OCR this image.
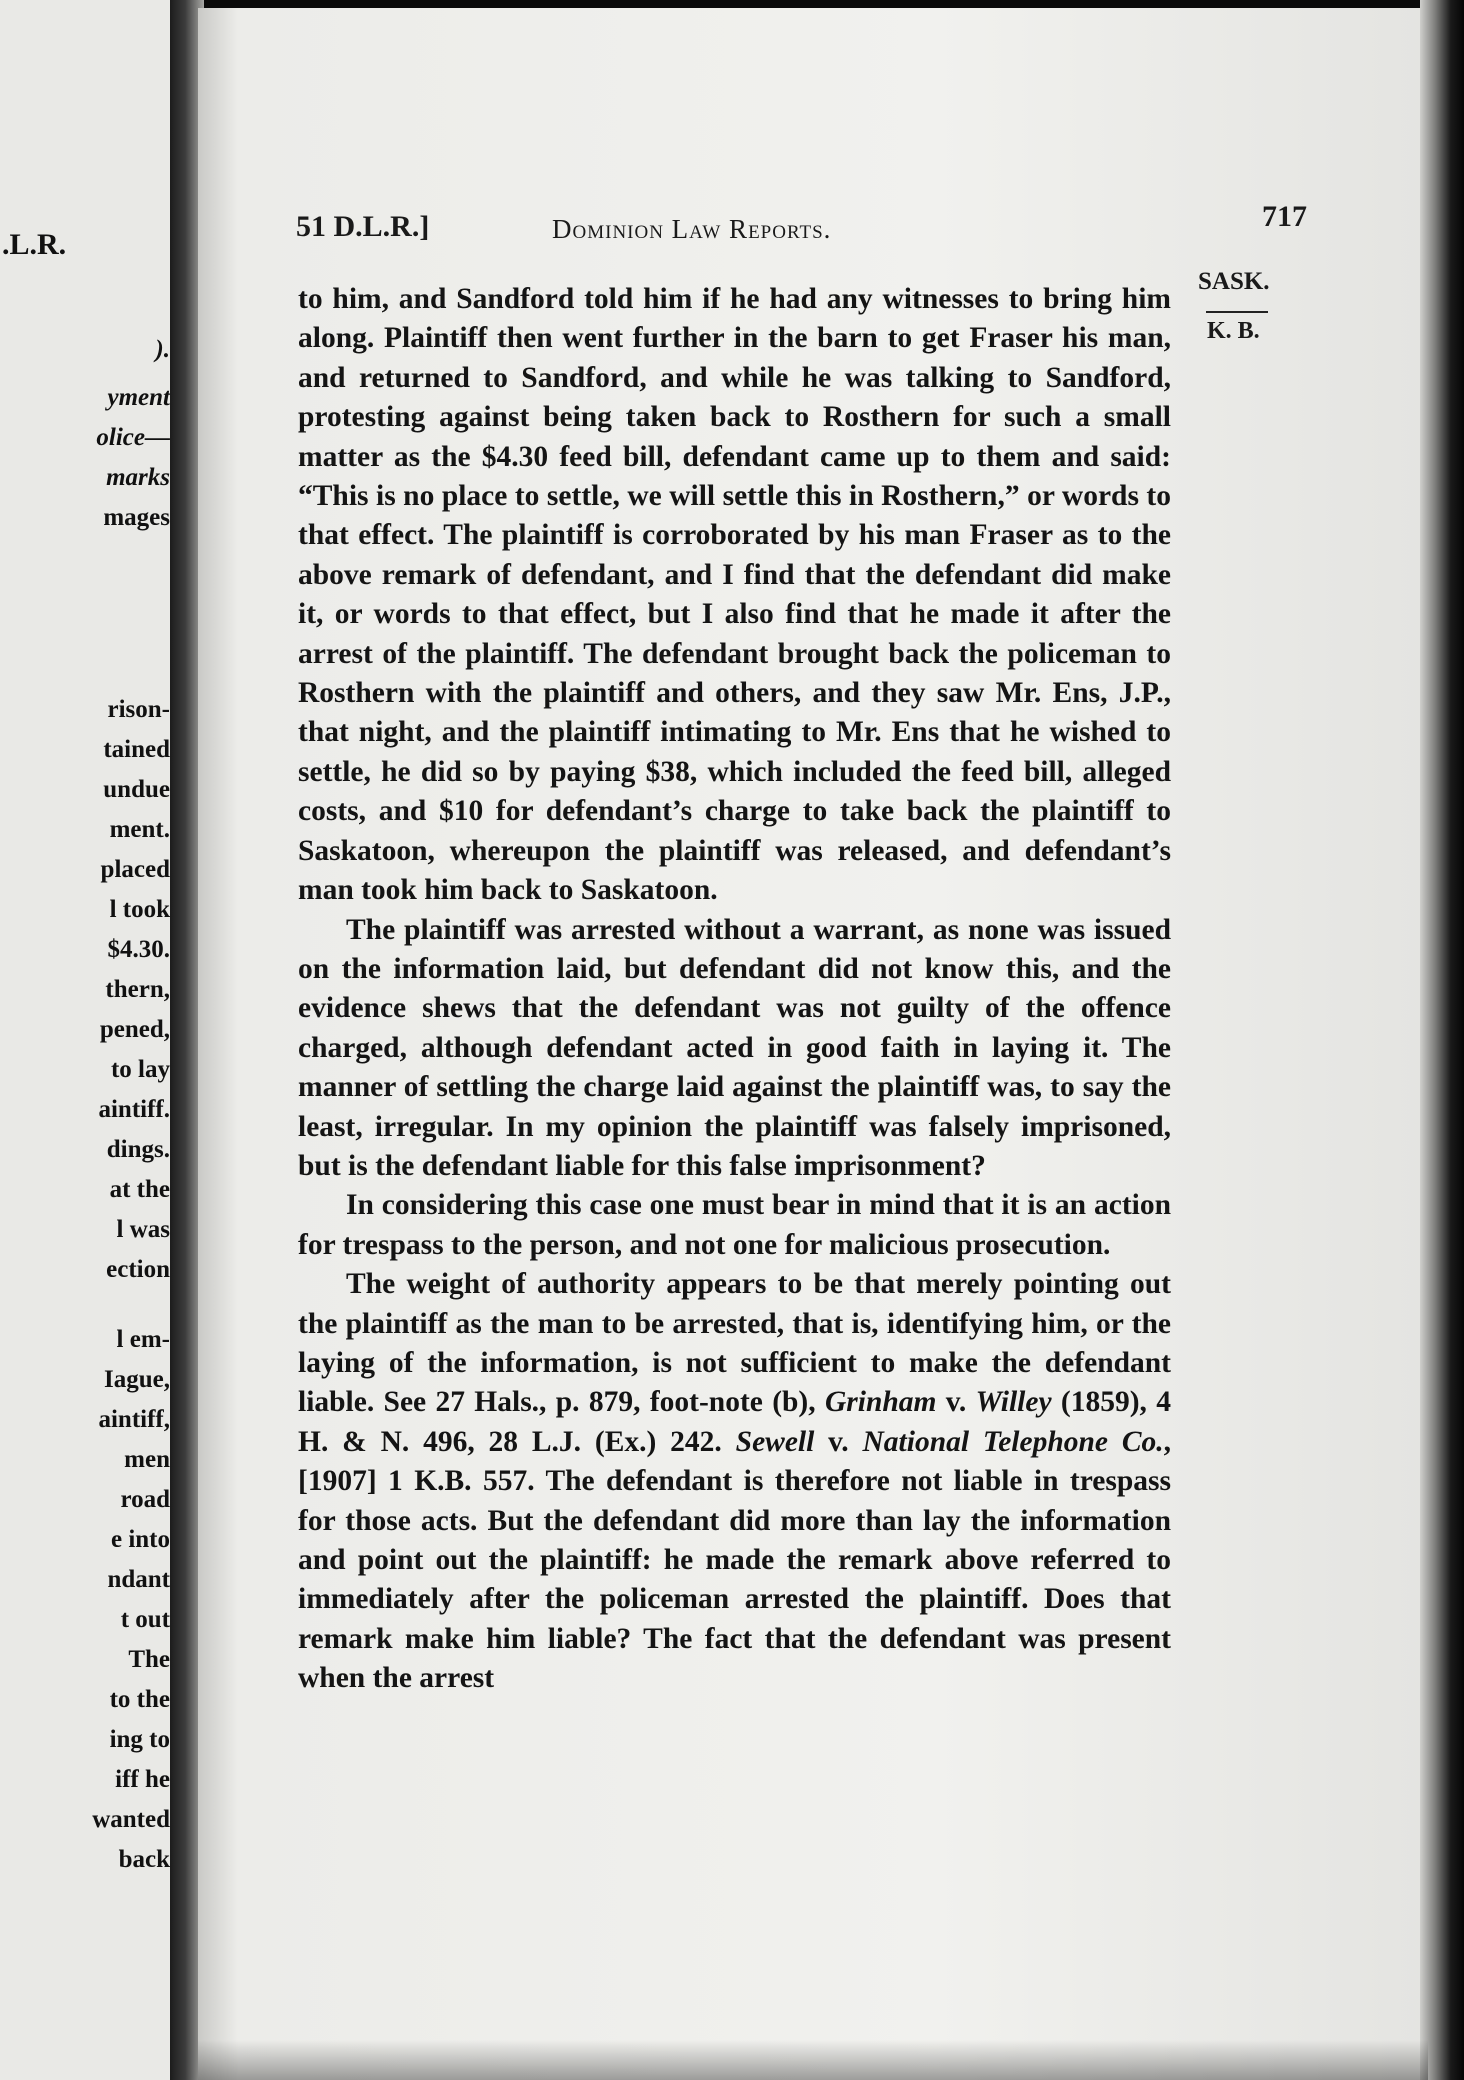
.L.R.
).
yment
olice—
marks
mages
rison-
tained
undue
ment.
placed
l took
$4.30.
thern,
pened,
to lay
aintiff.
dings.
at the
l was
ection
l em-
Iague,
aintiff,
men
road
e into
ndant
t out
The
to the
ing to
iff he
wanted
back
51 D.L.R.]	Dominion Law Reports.	717
SASK.
K. B.

to him, and Sandford told him if he had any witnesses to bring him along. Plaintiff then went further in the barn to get Fraser his man, and returned to Sandford, and while he was talking to Sandford, protesting against being taken back to Rosthern for such a small matter as the $4.30 feed bill, defendant came up to them and said: “This is no place to settle, we will settle this in Rosthern,” or words to that effect. The plaintiff is corroborated by his man Fraser as to the above remark of defendant, and I find that the defendant did make it, or words to that effect, but I also find that he made it after the arrest of the plaintiff. The defendant brought back the policeman to Rosthern with the plaintiff and others, and they saw Mr. Ens, J.P., that night, and the plaintiff intimating to Mr. Ens that he wished to settle, he did so by paying $38, which included the feed bill, alleged costs, and $10 for defendant’s charge to take back the plaintiff to Saskatoon, whereupon the plaintiff was released, and defendant’s man took him back to Saskatoon.

The plaintiff was arrested without a warrant, as none was issued on the information laid, but defendant did not know this, and the evidence shews that the defendant was not guilty of the offence charged, although defendant acted in good faith in laying it. The manner of settling the charge laid against the plaintiff was, to say the least, irregular. In my opinion the plaintiff was falsely imprisoned, but is the defendant liable for this false imprisonment?

In considering this case one must bear in mind that it is an action for trespass to the person, and not one for malicious prosecution.

The weight of authority appears to be that merely pointing out the plaintiff as the man to be arrested, that is, identifying him, or the laying of the information, is not sufficient to make the defendant liable. See 27 Hals., p. 879, foot-note (b), Grinham v. Willey (1859), 4 H. & N. 496, 28 L.J. (Ex.) 242. Sewell v. National Telephone Co., [1907] 1 K.B. 557. The defendant is therefore not liable in trespass for those acts. But the defendant did more than lay the information and point out the plaintiff: he made the remark above referred to immediately after the policeman arrested the plaintiff. Does that remark make him liable? The fact that the defendant was present when the arrest
